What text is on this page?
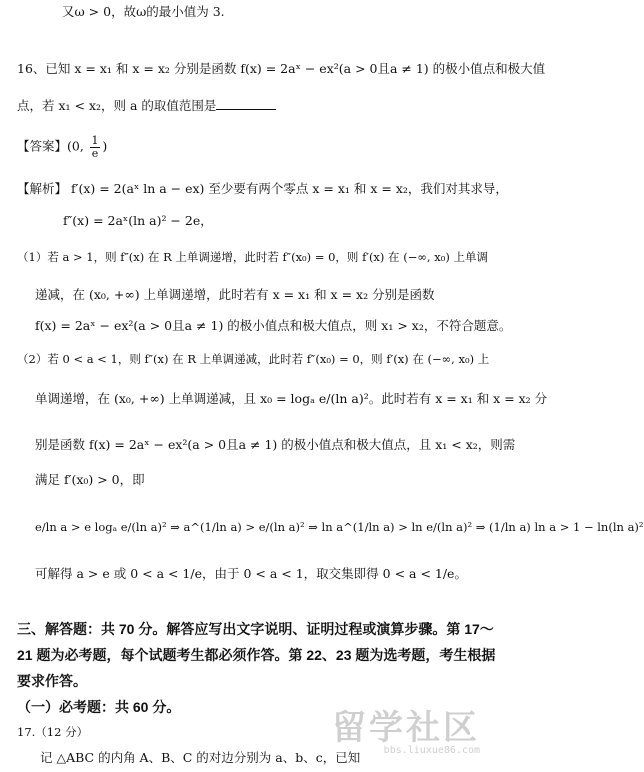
又ω > 0，故ω的最小值为 3.
16、已知 x = x₁ 和 x = x₂ 分别是函数 f(x) = 2aˣ − ex²(a > 0且a ≠ 1) 的极小值点和极大值
点，若 x₁ < x₂，则 a 的取值范围是
【答案】(0, $\frac{1}{e}$ )
【解析】 f′(x) = 2(aˣ ln a − ex) 至少要有两个零点 x = x₁ 和 x = x₂，我们对其求导，
f″(x) = 2aˣ(ln a)² − 2e，
（1）若 a > 1，则 f″(x) 在 R 上单调递增，此时若 f″(x₀) = 0，则 f′(x) 在 (−∞, x₀) 上单调
递减，在 (x₀, +∞) 上单调递增，此时若有 x = x₁ 和 x = x₂ 分别是函数
f(x) = 2aˣ − ex²(a > 0且a ≠ 1) 的极小值点和极大值点，则 x₁ > x₂，不符合题意。
（2）若 0 < a < 1，则 f″(x) 在 R 上单调递减，此时若 f″(x₀) = 0，则 f′(x) 在 (−∞, x₀) 上
单调递增，在 (x₀, +∞) 上单调递减，且 x₀ = logₐ e/(ln a)²。此时若有 x = x₁ 和 x = x₂ 分
别是函数 f(x) = 2aˣ − ex²(a > 0且a ≠ 1) 的极小值点和极大值点，且 x₁ < x₂，则需
满足 f′(x₀) > 0，即
e/ln a > e logₐ e/(ln a)² ⇒ a^(1/ln a) > e/(ln a)² ⇒ ln a^(1/ln a) > ln e/(ln a)² ⇒ (1/ln a) ln a > 1 − ln(ln a)²
可解得 a > e 或 0 < a < 1/e，由于 0 < a < 1，取交集即得 0 < a < 1/e。
三、解答题：共 70 分。解答应写出文字说明、证明过程或演算步骤。第 17～
21 题为必考题，每个试题考生都必须作答。第 22、23 题为选考题，考生根据
要求作答。
（一）必考题：共 60 分。
17.（12 分）
记 △ABC 的内角 A、B、C 的对边分别为 a、b、c，已知
留学社区
bbs.liuxue86.com
